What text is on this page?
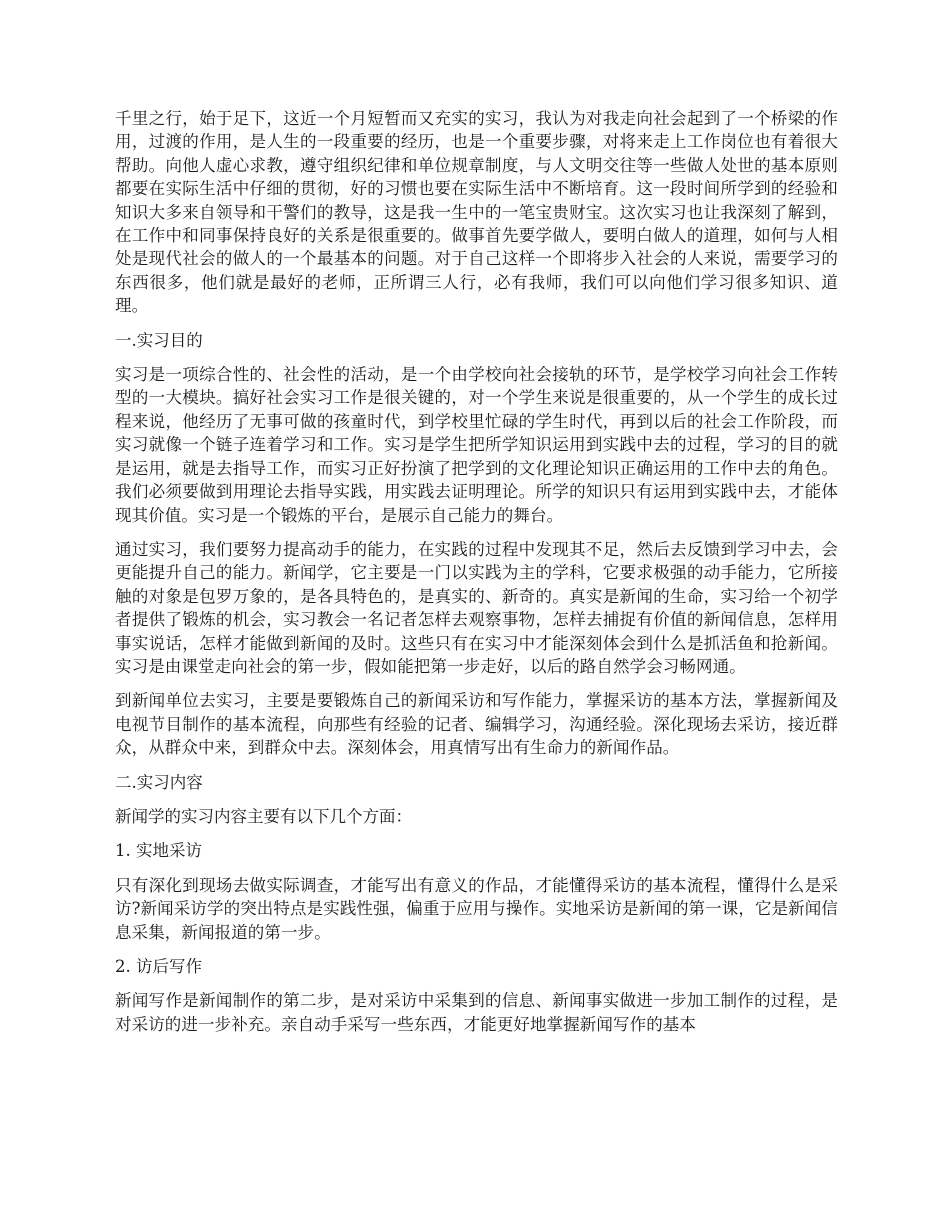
千里之行，始于足下，这近一个月短暂而又充实的实习，我认为对我走向社会起到了一个桥梁的作用，过渡的作用，是人生的一段重要的经历，也是一个重要步骤，对将来走上工作岗位也有着很大帮助。向他人虚心求教，遵守组织纪律和单位规章制度，与人文明交往等一些做人处世的基本原则都要在实际生活中仔细的贯彻，好的习惯也要在实际生活中不断培育。这一段时间所学到的经验和知识大多来自领导和干警们的教导，这是我一生中的一笔宝贵财宝。这次实习也让我深刻了解到，在工作中和同事保持良好的关系是很重要的。做事首先要学做人，要明白做人的道理，如何与人相处是现代社会的做人的一个最基本的问题。对于自己这样一个即将步入社会的人来说，需要学习的东西很多，他们就是最好的老师，正所谓三人行，必有我师，我们可以向他们学习很多知识、道理。

一.实习目的

实习是一项综合性的、社会性的活动，是一个由学校向社会接轨的环节，是学校学习向社会工作转型的一大模块。搞好社会实习工作是很关键的，对一个学生来说是很重要的，从一个学生的成长过程来说，他经历了无事可做的孩童时代，到学校里忙碌的学生时代，再到以后的社会工作阶段，而实习就像一个链子连着学习和工作。实习是学生把所学知识运用到实践中去的过程，学习的目的就是运用，就是去指导工作，而实习正好扮演了把学到的文化理论知识正确运用的工作中去的角色。我们必须要做到用理论去指导实践，用实践去证明理论。所学的知识只有运用到实践中去，才能体现其价值。实习是一个锻炼的平台，是展示自己能力的舞台。

通过实习，我们要努力提高动手的能力，在实践的过程中发现其不足，然后去反馈到学习中去，会更能提升自己的能力。新闻学，它主要是一门以实践为主的学科，它要求极强的动手能力，它所接触的对象是包罗万象的，是各具特色的，是真实的、新奇的。真实是新闻的生命，实习给一个初学者提供了锻炼的机会，实习教会一名记者怎样去观察事物，怎样去捕捉有价值的新闻信息，怎样用事实说话，怎样才能做到新闻的及时。这些只有在实习中才能深刻体会到什么是抓活鱼和抢新闻。实习是由课堂走向社会的第一步，假如能把第一步走好，以后的路自然学会习畅网通。

到新闻单位去实习，主要是要锻炼自己的新闻采访和写作能力，掌握采访的基本方法，掌握新闻及电视节目制作的基本流程，向那些有经验的记者、编辑学习，沟通经验。深化现场去采访，接近群众，从群众中来，到群众中去。深刻体会，用真情写出有生命力的新闻作品。

二.实习内容

新闻学的实习内容主要有以下几个方面：

1. 实地采访

只有深化到现场去做实际调查，才能写出有意义的作品，才能懂得采访的基本流程，懂得什么是采访?新闻采访学的突出特点是实践性强，偏重于应用与操作。实地采访是新闻的第一课，它是新闻信息采集，新闻报道的第一步。

2. 访后写作

新闻写作是新闻制作的第二步，是对采访中采集到的信息、新闻事实做进一步加工制作的过程，是对采访的进一步补充。亲自动手采写一些东西，才能更好地掌握新闻写作的基本
